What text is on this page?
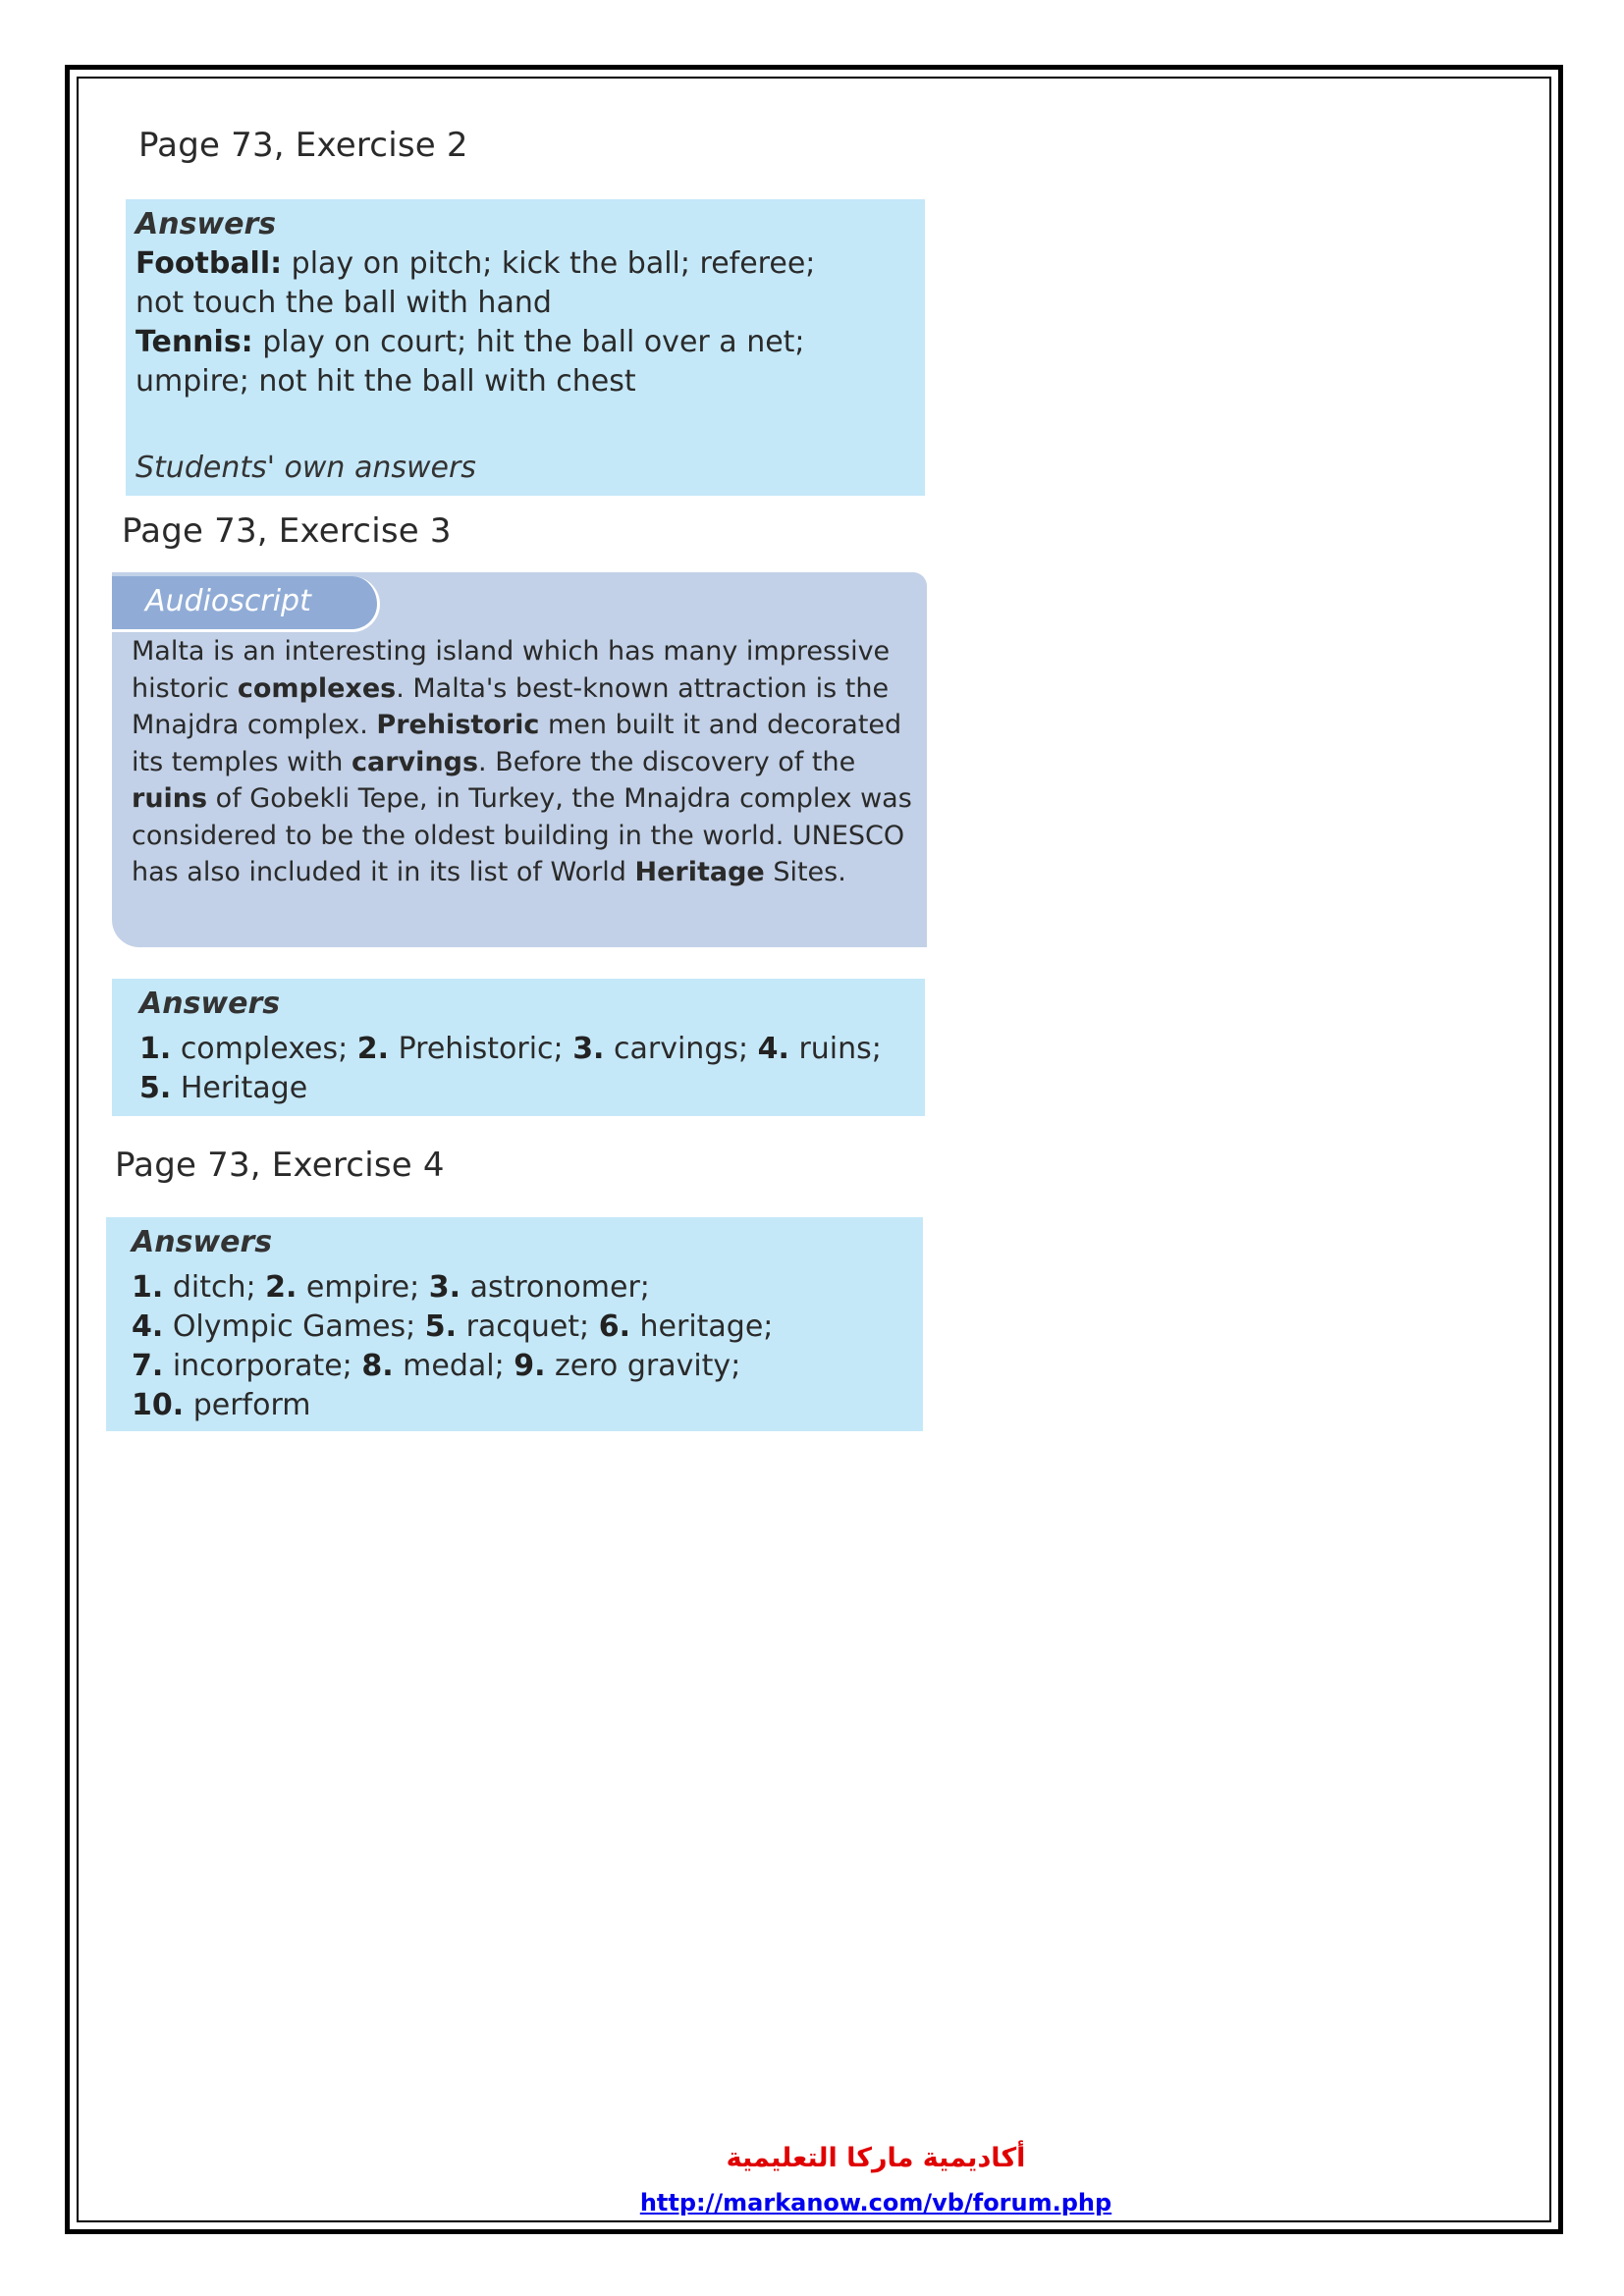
Page 73, Exercise 2

Answers

Football: play on pitch; kick the ball; referee; not touch the ball with hand

Tennis: play on court; hit the ball over a net; umpire; not hit the ball with chest

Students' own answers

Page 73, Exercise 3
Audioscript

Malta is an interesting island which has many impressive historic complexes. Malta's best-known attraction is the Mnajdra complex. Prehistoric men built it and decorated its temples with carvings. Before the discovery of the ruins of Gobekli Tepe, in Turkey, the Mnajdra complex was considered to be the oldest building in the world. UNESCO has also included it in its list of World Heritage Sites.

Answers

1. complexes; 2. Prehistoric; 3. carvings; 4. ruins;
5. Heritage

Page 73, Exercise 4

Answers

1. ditch; 2. empire; 3. astronomer;
4. Olympic Games; 5. racquet; 6. heritage;
7. incorporate; 8. medal; 9. zero gravity;
10. perform

أكاديمية ماركا التعليمية
http://markanow.com/vb/forum.php
